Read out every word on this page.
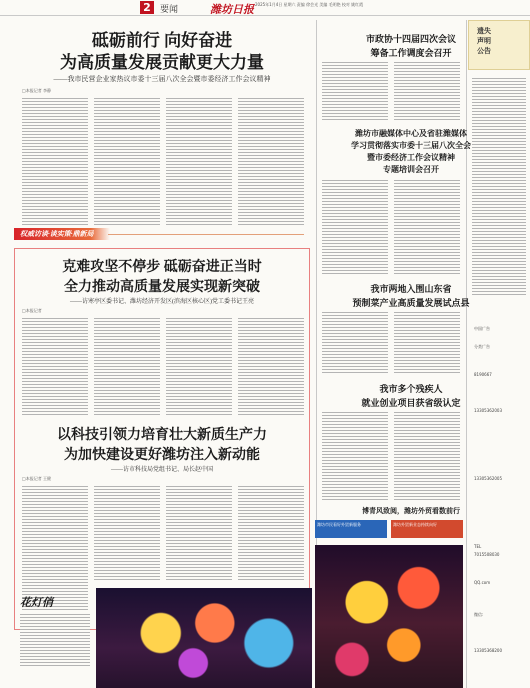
2	要闻	潍坊日报 2025年1月4日 星期六 责编 徐会光 美编 毛明艳 校对 姚红霞
砥砺前行 向好奋进
为高质量发展贡献更大力量
——我市民营企业家热议市委十三届八次全会暨市委经济工作会议精神
□本报记者 李静
权威访谈·谈实策·鼎新局
克难攻坚不停步 砥砺奋进正当时
全力推动高质量发展实现新突破
——访寒亭区委书记、潍坊经济开发区(滨海区核心区)党工委书记王亮
□本报记者
以科技引领力培育壮大新质生产力
为加快建设更好潍坊注入新动能
——访市科技局党组书记、局长赵中国
□本报记者 王健
花灯俏
市政协十四届四次会议
筹备工作调度会召开
潍坊市融媒体中心及省驻潍媒体
学习贯彻落实市委十三届八次全会
暨市委经济工作会议精神
专题培训会召开
我市两地入围山东省
预制菜产业高质量发展试点县
我市多个残疾人
就业创业项目获省级认定
博青风致阅，潍坊外贸看数前行
潍坊市民看好外贸新服务	潍坊外贸新业态持续向好
遗失
声明
公告
中国广告
分类广告
8190667
13305362003
13305362005
TEL
7015508030
QQ.com
微信:
13305368200
